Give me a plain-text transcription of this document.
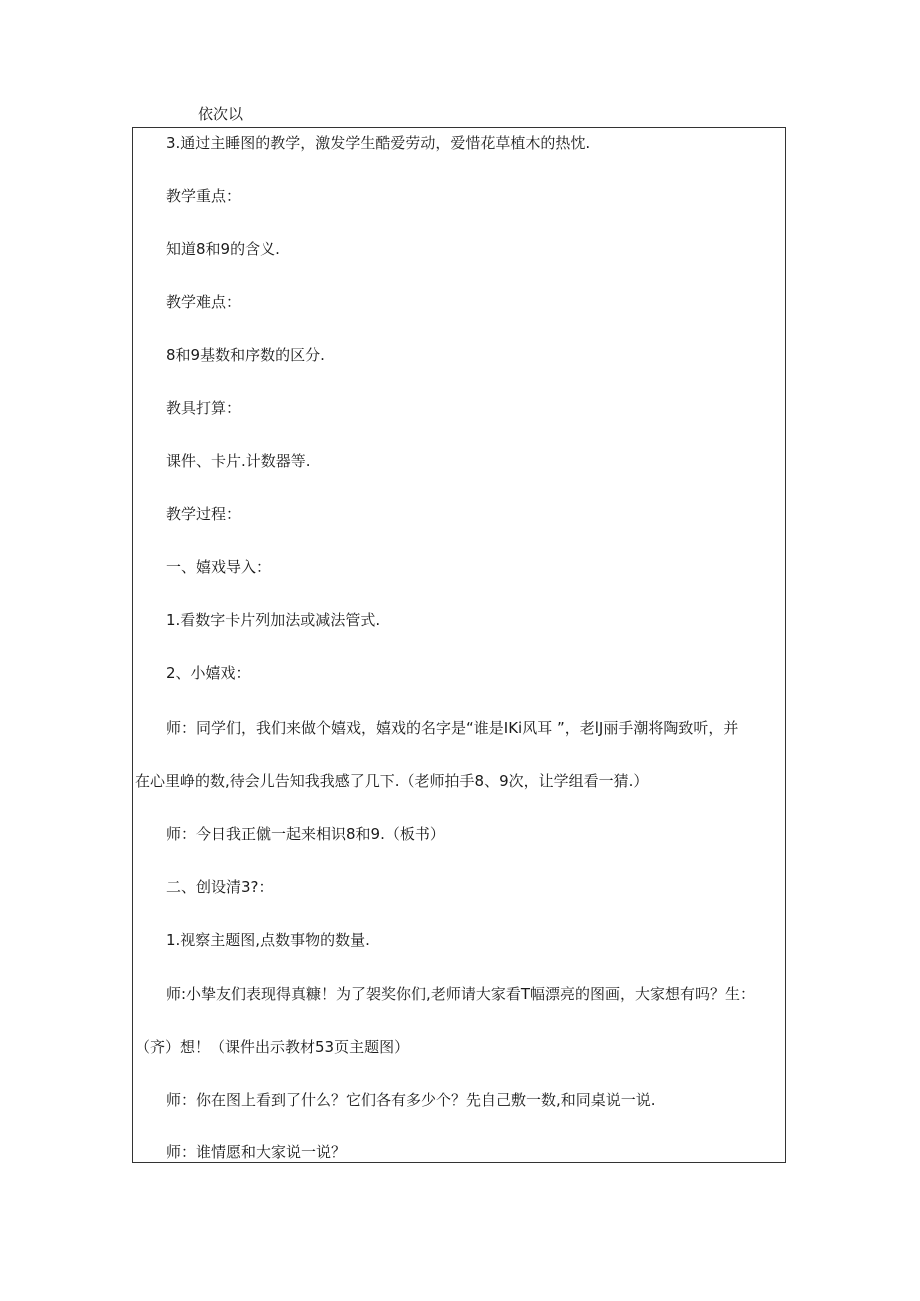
依次以
3.通过主睡图的教学，激发学生酷爱劳动，爱惜花草植木的热忱.
教学重点：
知道8和9的含义.
教学难点：
8和9基数和序数的区分.
教具打算：
课件、卡片.计数器等.
教学过程：
一、嬉戏导入：
1.看数字卡片列加法或减法管式.
2、小嬉戏：
师：同学们，我们来做个嬉戏，嬉戏的名字是“谁是IKi风耳 ”，老lJ丽手潮将陶致听，并
在心里峥的数,待会儿告知我我感了几下.（老师拍手8、9次，让学组看一猜.）
师：今日我正僦一起来相识8和9.（板书）
二、创设清3?：
1.视察主题图,点数事物的数量.
师:小挚友们表现得真糠！为了袈奖你们,老师请大家看T幅漂亮的图画，大家想有吗？生：
（齐）想！（课件出示教材53页主题图）
师：你在图上看到了什么？它们各有多少个？先自己敷一数,和同桌说一说.
师：谁情愿和大家说一说？
